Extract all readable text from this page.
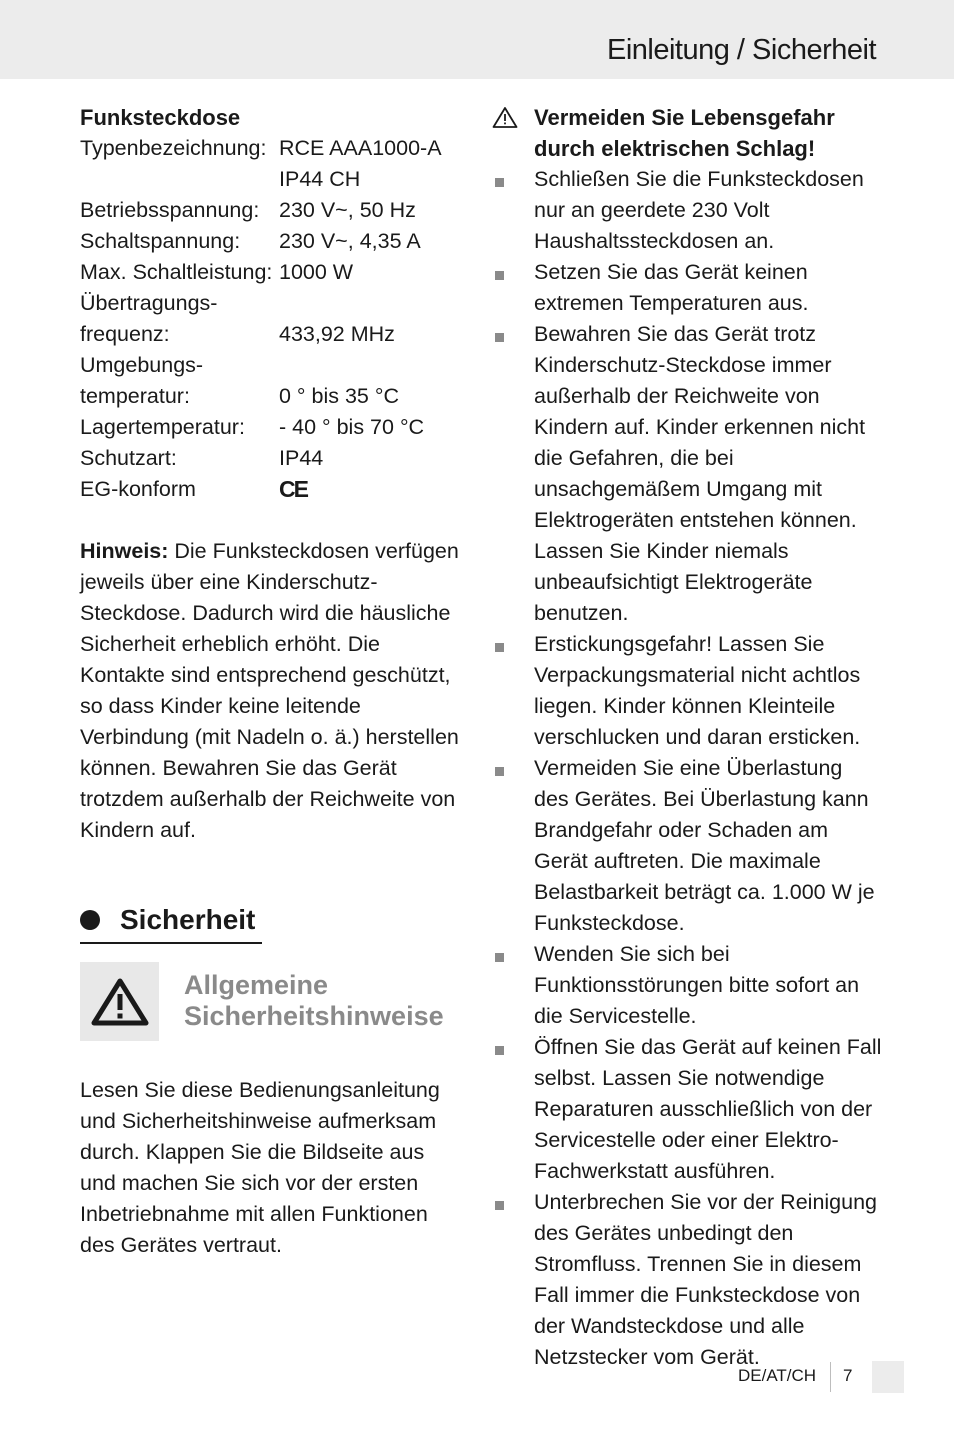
Einleitung / Sicherheit
Funksteckdose
Typenbezeichnung: RCE AAA1000-A
IP44 CH
Betriebsspannung: 230 V~, 50 Hz
Schaltspannung:	230 V~, 4,35 A
Max. Schaltleistung: 1000 W
Übertragungs-
frequenz:	433,92 MHz
Umgebungs-
temperatur:	0 ° bis 35 °C
Lagertemperatur:	- 40 ° bis 70 °C
Schutzart:	IP44
EG-konform	CE

Hinweis: Die Funksteckdosen verfügen jeweils über eine Kinderschutz-Steckdose. Dadurch wird die häusliche Sicherheit erheblich erhöht. Die Kontakte sind entsprechend geschützt, so dass Kinder keine leitende Verbindung (mit Nadeln o. ä.) herstellen können. Bewahren Sie das Gerät trotzdem außerhalb der Reichweite von Kindern auf.

Sicherheit
Allgemeine Sicherheitshinweise

Lesen Sie diese Bedienungsanleitung und Sicherheitshinweise aufmerksam durch. Klappen Sie die Bildseite aus und machen Sie sich vor der ersten Inbetriebnahme mit allen Funktionen des Gerätes vertraut.

Vermeiden Sie Lebensgefahr durch elektrischen Schlag!
Schließen Sie die Funksteckdosen nur an geerdete 230 Volt Haushaltssteckdosen an.
Setzen Sie das Gerät keinen extremen Temperaturen aus.
Bewahren Sie das Gerät trotz Kinderschutz-Steckdose immer außerhalb der Reichweite von Kindern auf. Kinder erkennen nicht die Gefahren, die bei unsachgemäßem Umgang mit Elektrogeräten entstehen können. Lassen Sie Kinder niemals unbeaufsichtigt Elektrogeräte benutzen.
Erstickungsgefahr! Lassen Sie Verpackungsmaterial nicht achtlos liegen. Kinder können Kleinteile verschlucken und daran ersticken.
Vermeiden Sie eine Überlastung des Gerätes. Bei Überlastung kann Brandgefahr oder Schaden am Gerät auftreten. Die maximale Belastbarkeit beträgt ca. 1.000 W je Funksteckdose.
Wenden Sie sich bei Funktionsstörungen bitte sofort an die Servicestelle.
Öffnen Sie das Gerät auf keinen Fall selbst. Lassen Sie notwendige Reparaturen ausschließlich von der Servicestelle oder einer Elektro-Fachwerkstatt ausführen.
Unterbrechen Sie vor der Reinigung des Gerätes unbedingt den Stromfluss. Trennen Sie in diesem Fall immer die Funksteckdose von der Wandsteckdose und alle Netzstecker vom Gerät.
DE/AT/CH 7
